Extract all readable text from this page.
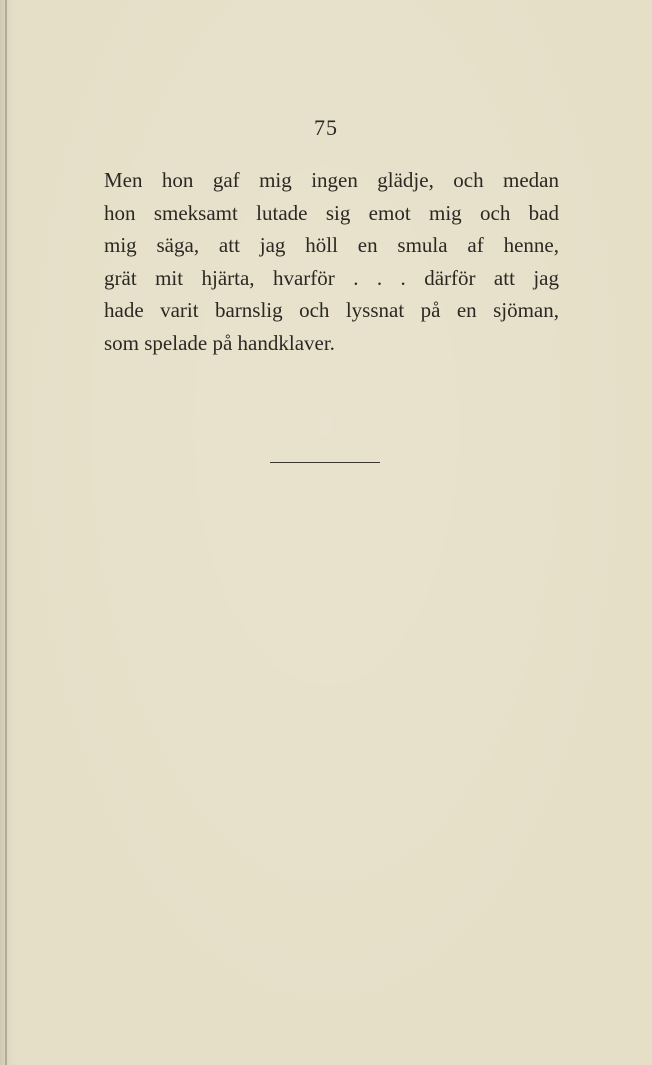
75
Men hon gaf mig ingen glädje, och medan
hon smeksamt lutade sig emot mig och bad
mig säga, att jag höll en smula af henne,
grät mit hjärta, hvarför . . . därför att jag
hade varit barnslig och lyssnat på en sjöman,
som spelade på handklaver.
